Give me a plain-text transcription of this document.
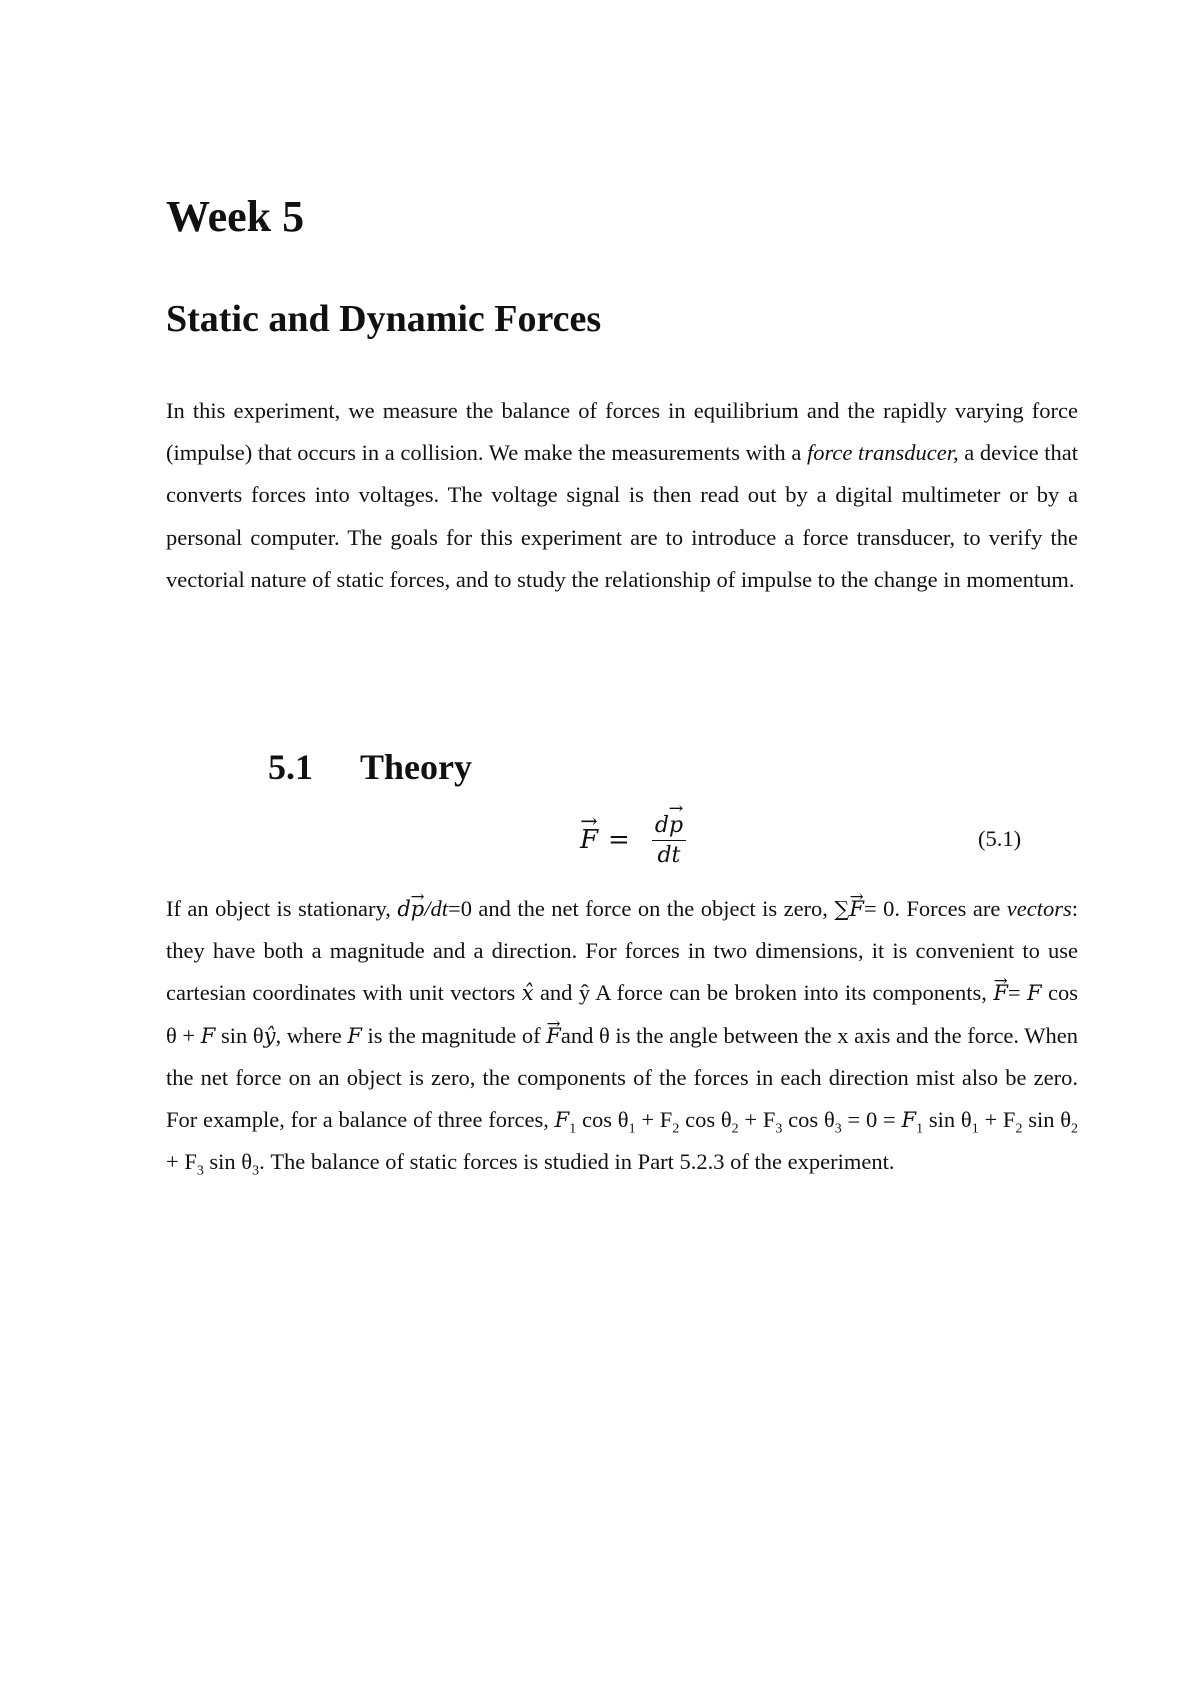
Week 5
Static and Dynamic Forces

In this experiment, we measure the balance of forces in equilibrium and the rapidly varying force (impulse) that occurs in a collision. We make the measurements with a force transducer, a device that converts forces into voltages. The voltage signal is then read out by a digital multimeter or by a personal computer. The goals for this experiment are to introduce a force transducer, to verify the vectorial nature of static forces, and to study the relationship of impulse to the change in momentum.

5.1 Theory
→ $F = \frac{d\to p}{dt}$	(5.1)

If an object is stationary, d→ p/dt=0 and the net force on the object is zero, ∑→ F= 0. Forces are vectors: they have both a magnitude and a direction. For forces in two dimensions, it is convenient to use cartesian coordinates with unit vectors x̂ and ŷ A force can be broken into its components, → F= F cos θ + F sin θŷ, where F is the magnitude of → Fand θ is the angle between the x axis and the force. When the net force on an object is zero, the components of the forces in each direction mist also be zero. For example, for a balance of three forces, $F_1$ $\cos \theta_1 + F_2$ $\cos \theta_2 + F_3$ $\cos \theta_3 = 0 = F_1$ $\sin \theta_1 + F_2$ $\sin \theta_2 + F_3$ $\sin \theta_3$. The balance of static forces is studied in Part 5.2.3 of the experiment.
